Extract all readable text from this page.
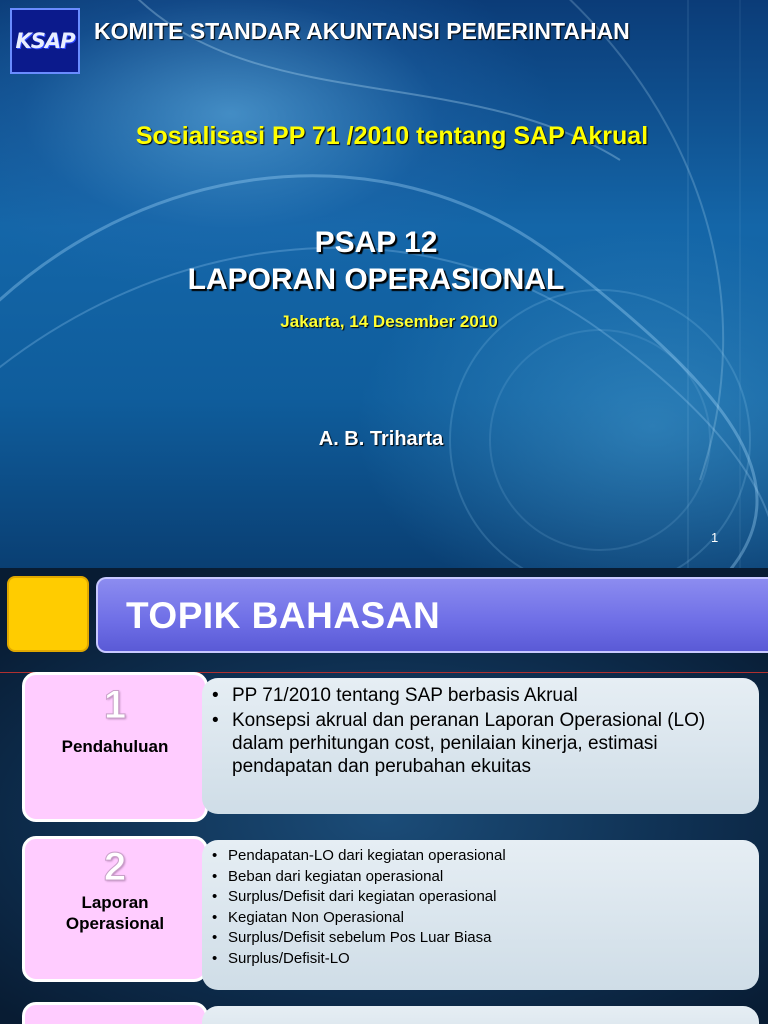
KSAP KOMITE STANDAR AKUNTANSI PEMERINTAHAN
Sosialisasi PP 71 /2010 tentang SAP Akrual
PSAP 12
LAPORAN OPERASIONAL
Jakarta, 14 Desember 2010
A. B. Triharta
1
TOPIK BAHASAN
1
Pendahuluan
• PP 71/2010 tentang SAP berbasis Akrual
• Konsepsi akrual dan peranan Laporan Operasional (LO) dalam perhitungan cost, penilaian kinerja, estimasi pendapatan dan perubahan ekuitas
2
Laporan
Operasional
• Pendapatan-LO dari kegiatan operasional
• Beban dari kegiatan operasional
• Surplus/Defisit dari kegiatan operasional
• Kegiatan Non Operasional
• Surplus/Defisit sebelum Pos Luar Biasa
• Surplus/Defisit-LO
